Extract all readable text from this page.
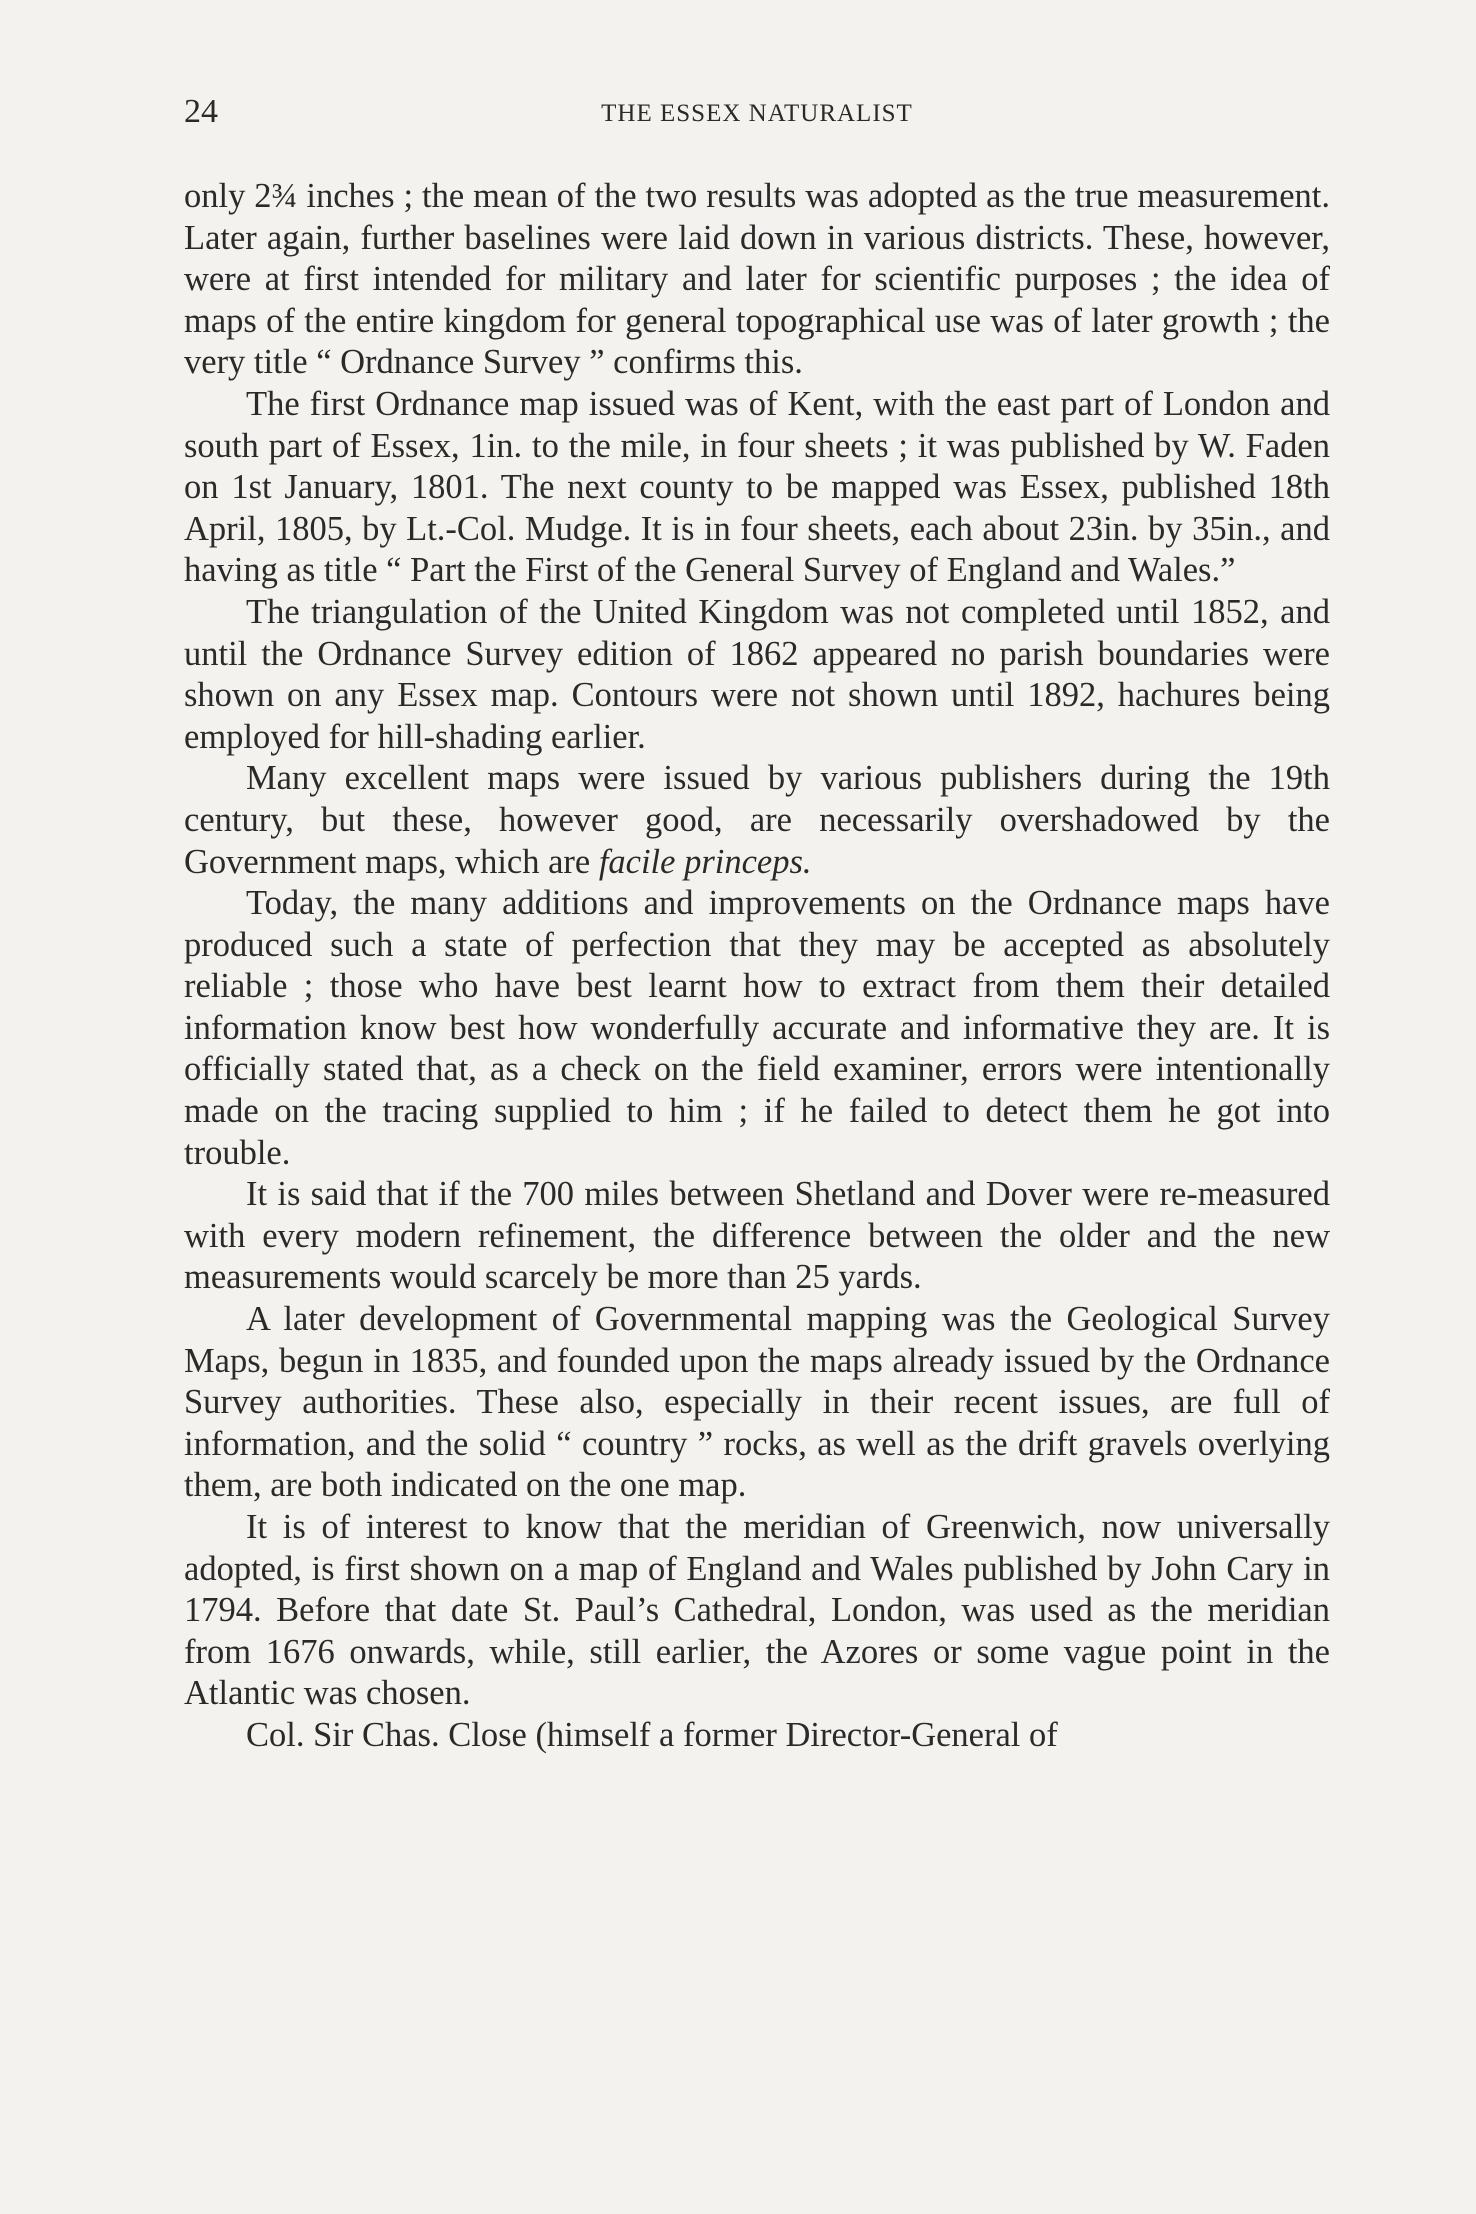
24	THE ESSEX NATURALIST

only 2¾ inches ; the mean of the two results was adopted as the true measurement. Later again, further baselines were laid down in various districts. These, however, were at first intended for military and later for scientific purposes ; the idea of maps of the entire kingdom for general topographical use was of later growth ; the very title “ Ordnance Survey ” confirms this.

The first Ordnance map issued was of Kent, with the east part of London and south part of Essex, 1in. to the mile, in four sheets ; it was published by W. Faden on 1st January, 1801. The next county to be mapped was Essex, published 18th April, 1805, by Lt.-Col. Mudge. It is in four sheets, each about 23in. by 35in., and having as title “ Part the First of the General Survey of England and Wales.”

The triangulation of the United Kingdom was not completed until 1852, and until the Ordnance Survey edition of 1862 appeared no parish boundaries were shown on any Essex map. Contours were not shown until 1892, hachures being employed for hill-shading earlier.

Many excellent maps were issued by various publishers during the 19th century, but these, however good, are necessarily overshadowed by the Government maps, which are facile princeps.

Today, the many additions and improvements on the Ordnance maps have produced such a state of perfection that they may be accepted as absolutely reliable ; those who have best learnt how to extract from them their detailed information know best how wonderfully accurate and informative they are. It is officially stated that, as a check on the field examiner, errors were intentionally made on the tracing supplied to him ; if he failed to detect them he got into trouble.

It is said that if the 700 miles between Shetland and Dover were re-measured with every modern refinement, the difference between the older and the new measurements would scarcely be more than 25 yards.

A later development of Governmental mapping was the Geological Survey Maps, begun in 1835, and founded upon the maps already issued by the Ordnance Survey authorities. These also, especially in their recent issues, are full of information, and the solid “ country ” rocks, as well as the drift gravels overlying them, are both indicated on the one map.

It is of interest to know that the meridian of Greenwich, now universally adopted, is first shown on a map of England and Wales published by John Cary in 1794. Before that date St. Paul’s Cathedral, London, was used as the meridian from 1676 onwards, while, still earlier, the Azores or some vague point in the Atlantic was chosen.

Col. Sir Chas. Close (himself a former Director-General of
